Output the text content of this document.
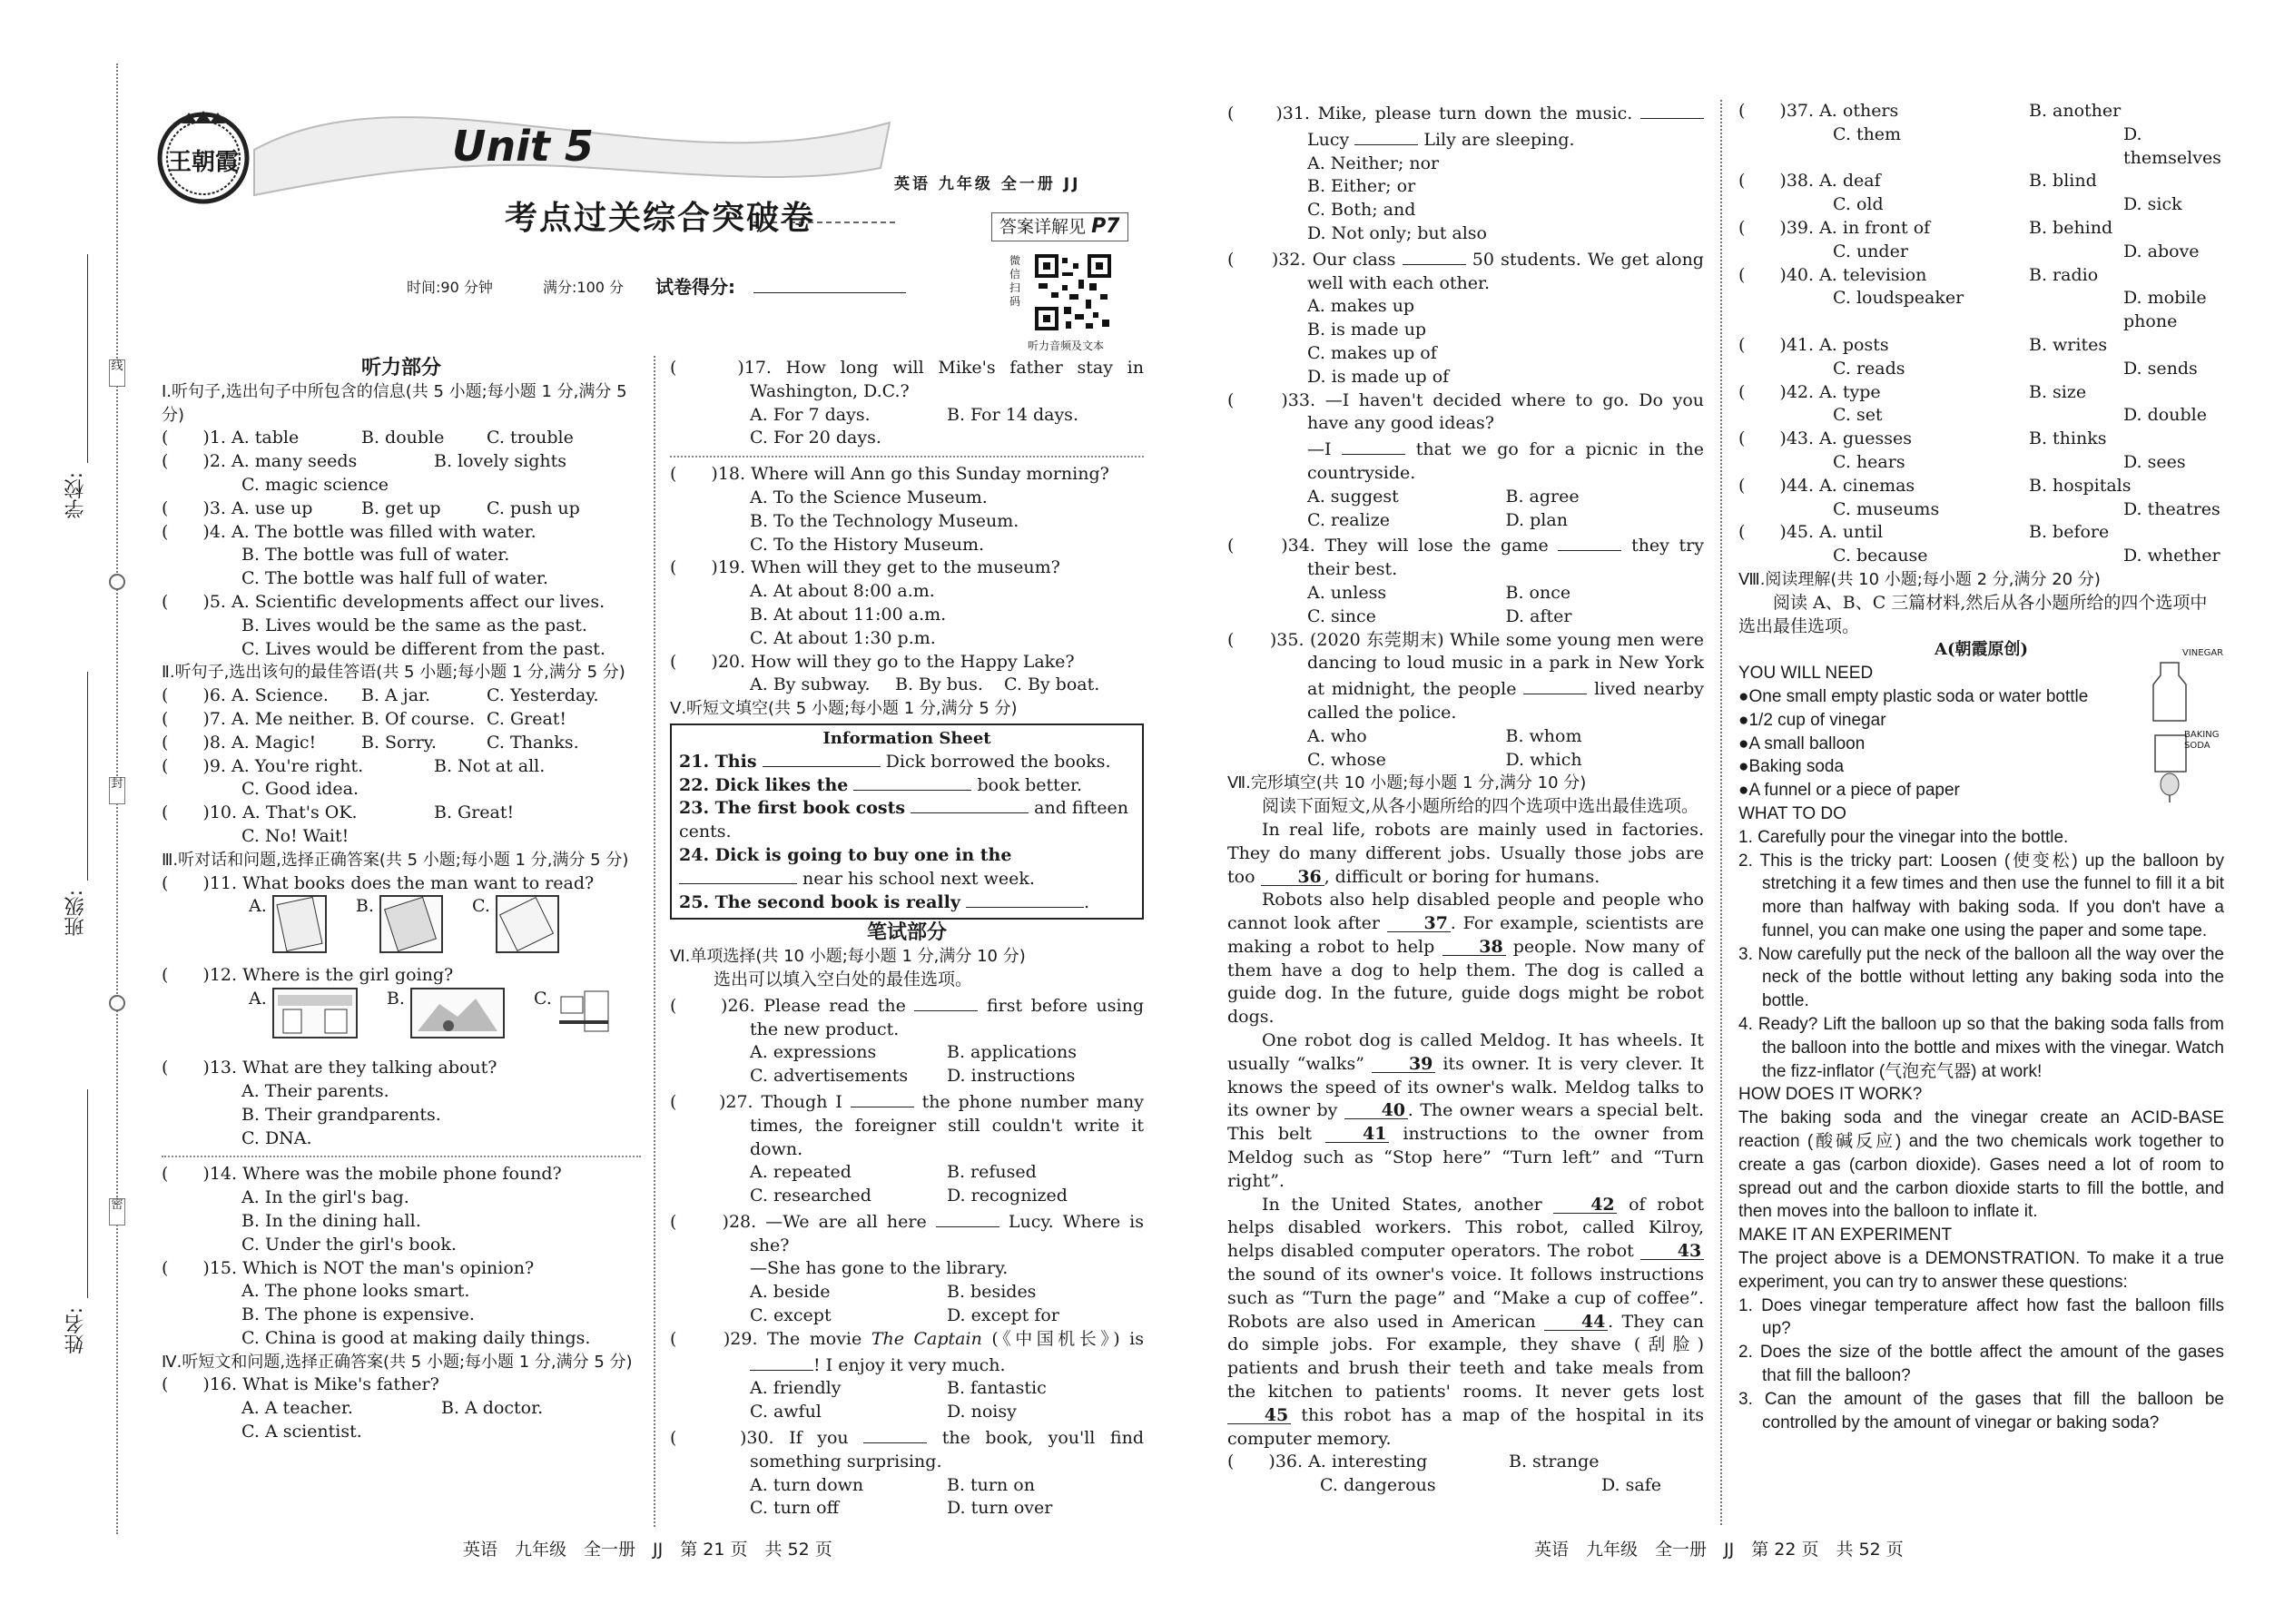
线
封
密
学校:
班级:
姓名:
王朝霞	Unit 5
考点过关综合突破卷
英语 九年级 全一册 JJ
答案详解见 P7
微信扫码
听力音频及文本
时间:90 分钟	满分:100 分 试卷得分:

听力部分

Ⅰ.听句子,选出句子中所包含的信息(共 5 小题;每小题 1 分,满分 5 分)

(　　)1. A. table	B. double	C. trouble
(　　)2. A. many seeds	B. lovely sights

C. magic science

(　　)3. A. use up	B. get up	C. push up

(　　)4. A. The bottle was filled with water.

B. The bottle was full of water.

C. The bottle was half full of water.

(　　)5. A. Scientific developments affect our lives.

B. Lives would be the same as the past.

C. Lives would be different from the past.

Ⅱ.听句子,选出该句的最佳答语(共 5 小题;每小题 1 分,满分 5 分)

(　　)6. A. Science.	B. A jar.	C. Yesterday.
(　　)7. A. Me neither. B. Of course. C. Great!
(　　)8. A. Magic!	B. Sorry.	C. Thanks.
(　　)9. A. You're right.	B. Not at all.

C. Good idea.

(　　)10. A. That's OK.	B. Great!

C. No! Wait!

Ⅲ.听对话和问题,选择正确答案(共 5 小题;每小题 1 分,满分 5 分)

(　　)11. What books does the man want to read?

A.	B.	C.

(　　)12. Where is the girl going?

A.	B.	C.

(　　)13. What are they talking about?

A. Their parents.

B. Their grandparents.

C. DNA.

(　　)14. Where was the mobile phone found?

A. In the girl's bag.

B. In the dining hall.

C. Under the girl's book.

(　　)15. Which is NOT the man's opinion?

A. The phone looks smart.

B. The phone is expensive.

C. China is good at making daily things.

Ⅳ.听短文和问题,选择正确答案(共 5 小题;每小题 1 分,满分 5 分)

(　　)16. What is Mike's father?

A. A teacher.	B. A doctor.

C. A scientist.

(　　)17. How long will Mike's father stay in Washington, D.C.?

A. For 7 days.	B. For 14 days.

C. For 20 days.

(　　)18. Where will Ann go this Sunday morning?

A. To the Science Museum.

B. To the Technology Museum.

C. To the History Museum.

(　　)19. When will they get to the museum?

A. At about 8:00 a.m.

B. At about 11:00 a.m.

C. At about 1:30 p.m.

(　　)20. How will they go to the Happy Lake?

A. By subway.	B. By bus.	C. By boat.

Ⅴ.听短文填空(共 5 小题;每小题 1 分,满分 5 分)

Information Sheet

21. This	Dick borrowed the books.

22. Dick likes the	book better.

23. The first book costs	and fifteen cents.

24. Dick is going to buy one in the  near his school next week.

25. The second book is really	.

笔试部分

Ⅵ.单项选择(共 10 小题;每小题 1 分,满分 10 分)

选出可以填入空白处的最佳选项。

(　　)26. Please read the	first before using the new product.

A. expressions	B. applications
C. advertisements	D. instructions

(　　)27. Though I	the phone number many times, the foreigner still couldn't write it down.

A. repeated	B. refused
C. researched	D. recognized

(　　)28. —We are all here	Lucy. Where is she?

—She has gone to the library.

A. beside	B. besides
C. except	D. except for

(　　)29. The movie The Captain (《中国机长》) is ! I enjoy it very much.

A. friendly	B. fantastic
C. awful	D. noisy

(　　)30. If you	the book, you'll find something surprising.

A. turn down	B. turn on
C. turn off	D. turn over

(　　)31. Mike, please turn down the music.  Lucy	Lily are sleeping.

A. Neither; nor

B. Either; or

C. Both; and

D. Not only; but also

(　　)32. Our class	50 students. We get along well with each other.

A. makes up

B. is made up

C. makes up of

D. is made up of

(　　)33. —I haven't decided where to go. Do you have any good ideas?

—I	that we go for a picnic in the countryside.

A. suggest	B. agree
C. realize	D. plan

(　　)34. They will lose the game	they try their best.

A. unless	B. once
C. since	D. after

(　　)35. (2020 东莞期末) While some young men were dancing to loud music in a park in New York at midnight, the people	lived nearby called the police.

A. who	B. whom
C. whose	D. which

Ⅶ.完形填空(共 10 小题;每小题 1 分,满分 10 分)

阅读下面短文,从各小题所给的四个选项中选出最佳选项。

In real life, robots are mainly used in factories. They do many different jobs. Usually those jobs are too 36 , difficult or boring for humans.

Robots also help disabled people and people who cannot look after	37 . For example, scientists are making a robot to help	38 people. Now many of them have a dog to help them. The dog is called a guide dog. In the future, guide dogs might be robot dogs.

One robot dog is called Meldog. It has wheels. It usually “walks”	39 its owner. It is very clever. It knows the speed of its owner's walk. Meldog talks to its owner by	40 . The owner wears a special belt. This belt	41 instructions to the owner from Meldog such as “Stop here” “Turn left” and “Turn right”.

In the United States, another	42 of robot helps disabled workers. This robot, called Kilroy, helps disabled computer operators. The robot	43 the sound of its owner's voice. It follows instructions such as “Turn the page” and “Make a cup of coffee”. Robots are also used in American	44 . They can do simple jobs. For example, they shave (刮脸) patients and brush their teeth and take meals from the kitchen to patients' rooms. It never gets lost 45 this robot has a map of the hospital in its computer memory.

(　　)36. A. interesting	B. strange
C. dangerous	D. safe
(　　)37. A. others	B. another
C. them	D. themselves
(　　)38. A. deaf	B. blind
C. old	D. sick
(　　)39. A. in front of	B. behind
C. under	D. above
(　　)40. A. television	B. radio
C. loudspeaker	D. mobile phone
(　　)41. A. posts	B. writes
C. reads	D. sends
(　　)42. A. type	B. size
C. set	D. double
(　　)43. A. guesses	B. thinks
C. hears	D. sees
(　　)44. A. cinemas	B. hospitals
C. museums	D. theatres
(　　)45. A. until	B. before
C. because	D. whether

Ⅷ.阅读理解(共 10 小题;每小题 2 分,满分 20 分)

阅读 A、B、C 三篇材料,然后从各小题所给的四个选项中选出最佳选项。

A(朝霞原创)

YOU WILL NEED

●One small empty plastic soda or water bottle

●1/2 cup of vinegar

●A small balloon

●Baking soda

●A funnel or a piece of paper

WHAT TO DO

1. Carefully pour the vinegar into the bottle.

2. This is the tricky part: Loosen (使变松) up the balloon by stretching it a few times and then use the funnel to fill it a bit more than halfway with baking soda. If you don't have a funnel, you can make one using the paper and some tape.

3. Now carefully put the neck of the balloon all the way over the neck of the bottle without letting any baking soda into the bottle.

4. Ready? Lift the balloon up so that the baking soda falls from the balloon into the bottle and mixes with the vinegar. Watch the fizz-inflator (气泡充气器) at work!

HOW DOES IT WORK?

The baking soda and the vinegar create an ACID-BASE reaction (酸碱反应) and the two chemicals work together to create a gas (carbon dioxide). Gases need a lot of room to spread out and the carbon dioxide starts to fill the bottle, and then moves into the balloon to inflate it.

MAKE IT AN EXPERIMENT

The project above is a DEMONSTRATION. To make it a true experiment, you can try to answer these questions:

1. Does vinegar temperature affect how fast the balloon fills up?

2. Does the size of the bottle affect the amount of the gases that fill the balloon?

3. Can the amount of the gases that fill the balloon be controlled by the amount of vinegar or baking soda?

VINEGAR
BAKING SODA
英语　九年级　全一册　JJ　第 21 页　共 52 页	英语　九年级　全一册　JJ　第 22 页　共 52 页
